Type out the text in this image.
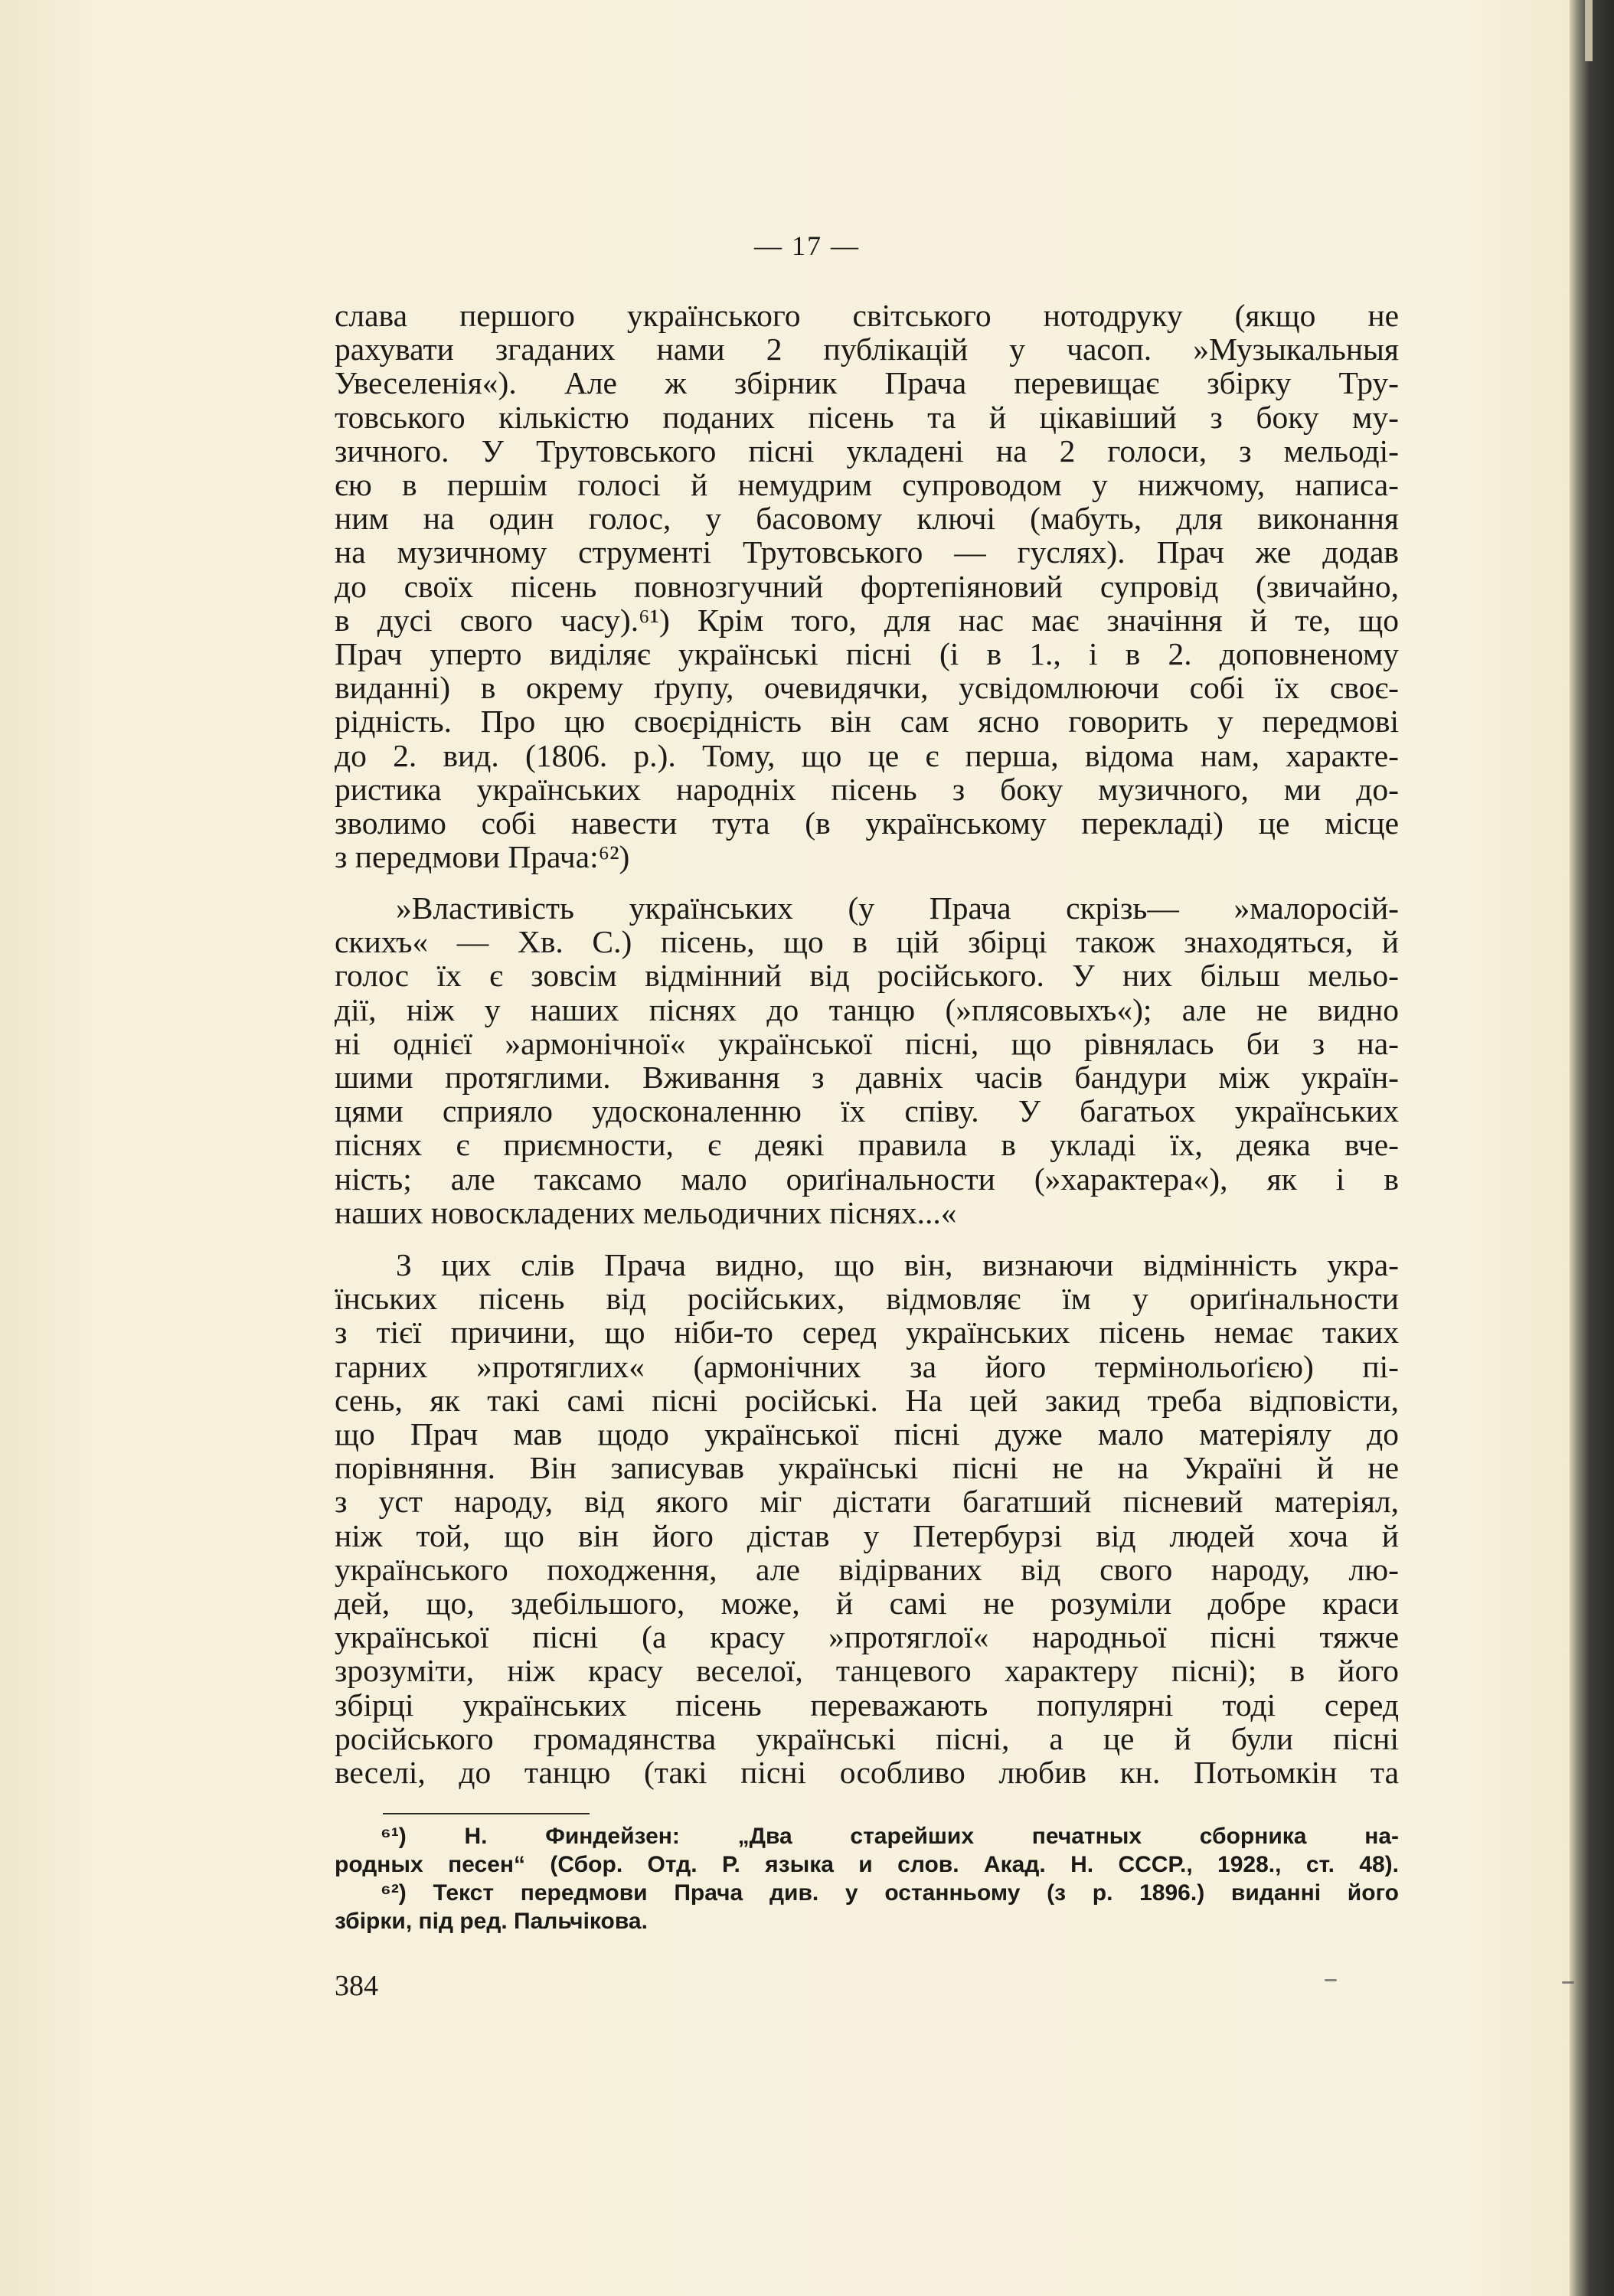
— 17 —

слава першого українського світського нотодруку (якщо не

рахувати згаданих нами 2 публікацій у часоп. »Музыкальныя

Увеселенія«). Але ж збірник Прача перевищає збірку Тру-

товського кількістю поданих пісень та й цікавіший з боку му-

зичного. У Трутовського пісні укладені на 2 голоси, з мельоді-

єю в першім голосі й немудрим супроводом у нижчому, написа-

ним на один голос, у басовому ключі (мабуть, для виконання

на музичному струменті Трутовського — гуслях). Прач же додав

до своїх пісень повнозгучний фортепіяновий супровід (звичайно,

в дусі свого часу).⁶¹) Крім того, для нас має значіння й те, що

Прач уперто виділяє українські пісні (і в 1., і в 2. доповненому

виданні) в окрему ґрупу, очевидячки, усвідомлюючи собі їх своє-

рідність. Про цю своєрідність він сам ясно говорить у передмові

до 2. вид. (1806. р.). Тому, що це є перша, відома нам, характе-

ристика українських народніх пісень з боку музичного, ми до-

зволимо собі навести тута (в українському перекладі) це місце

з передмови Прача:⁶²)

»Властивість українських (у Прача скрізь— »малоросій-

скихъ« — Хв. С.) пісень, що в цій збірці також знаходяться, й

голос їх є зовсім відмінний від російського. У них більш мельо-

дії, ніж у наших піснях до танцю (»плясовыхъ«); але не видно

ні однієї »армонічної« української пісні, що рівнялась би з на-

шими протяглими. Вживання з давніх часів бандури між україн-

цями сприяло удосконаленню їх співу. У багатьох українських

піснях є приємности, є деякі правила в укладі їх, деяка вче-

ність; але таксамо мало ориґінальности (»характера«), як і в

наших новоскладених мельодичних піснях...«

З цих слів Прача видно, що він, визнаючи відмінність укра-

їнських пісень від російських, відмовляє їм у ориґінальности

з тієї причини, що ніби-то серед українських пісень немає таких

гарних »протяглих« (армонічних за його термінольоґією) пі-

сень, як такі самі пісні російські. На цей закид треба відповісти,

що Прач мав щодо української пісні дуже мало матеріялу до

порівняння. Він записував українські пісні не на Україні й не

з уст народу, від якого міг дістати багатший пісневий матеріял,

ніж той, що він його дістав у Петербурзі від людей хоча й

українського походження, але відірваних від свого народу, лю-

дей, що, здебільшого, може, й самі не розуміли добре краси

української пісні (а красу »протяглої« народньої пісні тяжче

зрозуміти, ніж красу веселої, танцевого характеру пісні); в його

збірці українських пісень переважають популярні тоді серед

російського громадянства українські пісні, а це й були пісні

веселі, до танцю (такі пісні особливо любив кн. Потьомкін та

⁶¹) Н. Финдейзен: „Два старейших печатных сборника на-

родных песен“ (Сбор. Отд. Р. языка и слов. Акад. Н. СССР., 1928., ст. 48).

⁶²) Текст передмови Прача див. у останньому (з р. 1896.) виданні його

збірки, під ред. Пальчікова.

384
